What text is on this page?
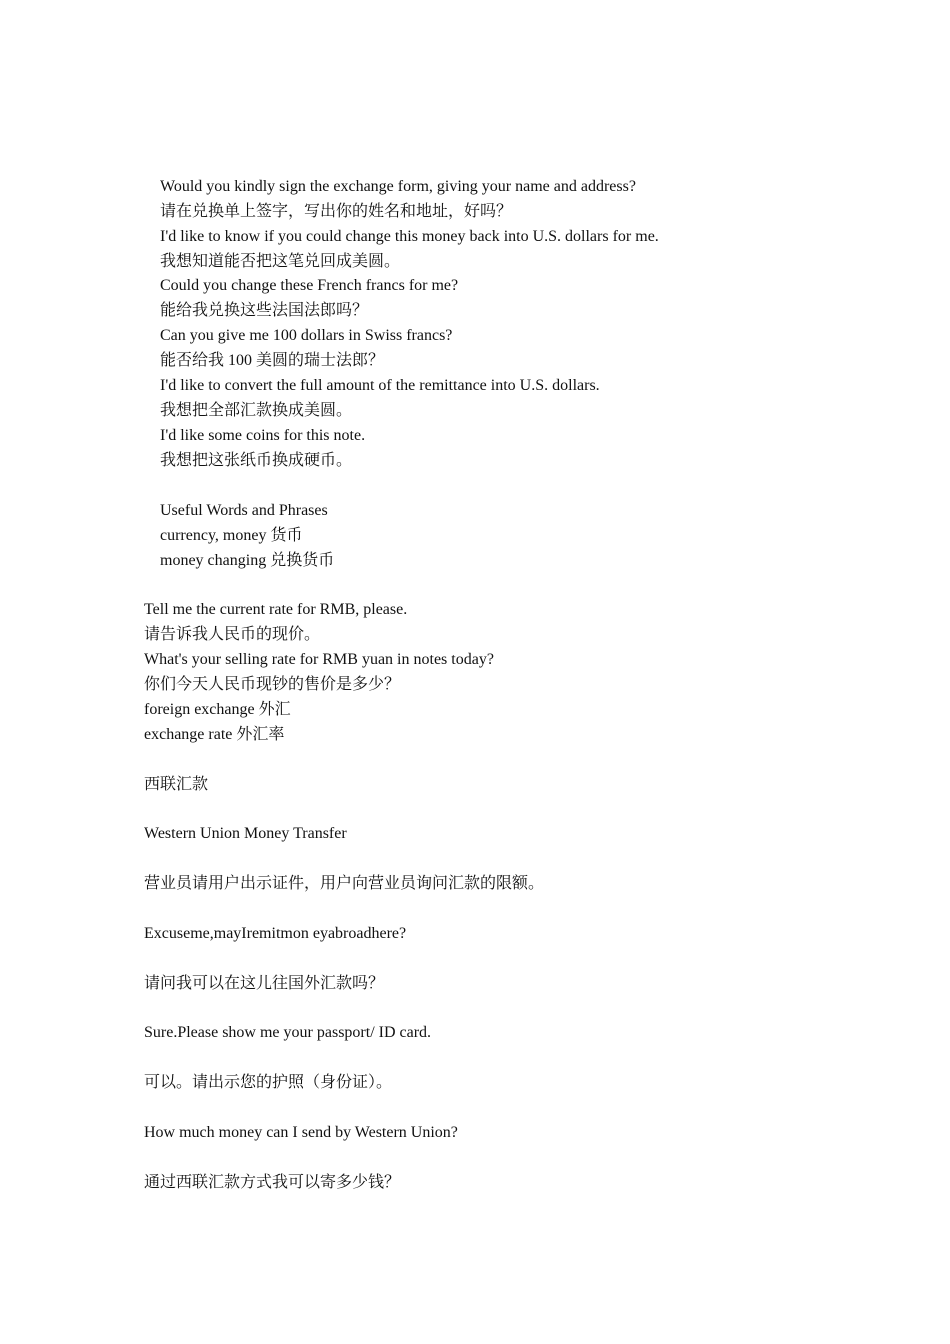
Would you kindly sign the exchange form, giving your name and address?
请在兑换单上签字，写出你的姓名和地址，好吗？
I'd like to know if you could change this money back into U.S. dollars for me.
我想知道能否把这笔兑回成美圆。
Could you change these French francs for me?
能给我兑换这些法国法郎吗？
Can you give me 100 dollars in Swiss francs?
能否给我 100 美圆的瑞士法郎？
I'd like to convert the full amount of the remittance into U.S. dollars.
我想把全部汇款换成美圆。
I'd like some coins for this note.
我想把这张纸币换成硬币。
Useful Words and Phrases
currency, money 货币
money changing 兑换货币
Tell me the current rate for RMB, please.
请告诉我人民币的现价。
What's your selling rate for RMB yuan in notes today?
你们今天人民币现钞的售价是多少？
foreign exchange 外汇
exchange rate 外汇率
西联汇款
Western Union Money Transfer
营业员请用户出示证件，用户向营业员询问汇款的限额。
Excuseme,mayIremitmon eyabroadhere?
请问我可以在这儿往国外汇款吗？
Sure.Please show me your passport/ ID card.
可以。请出示您的护照（身份证）。
How much money can I send by Western Union?
通过西联汇款方式我可以寄多少钱？
